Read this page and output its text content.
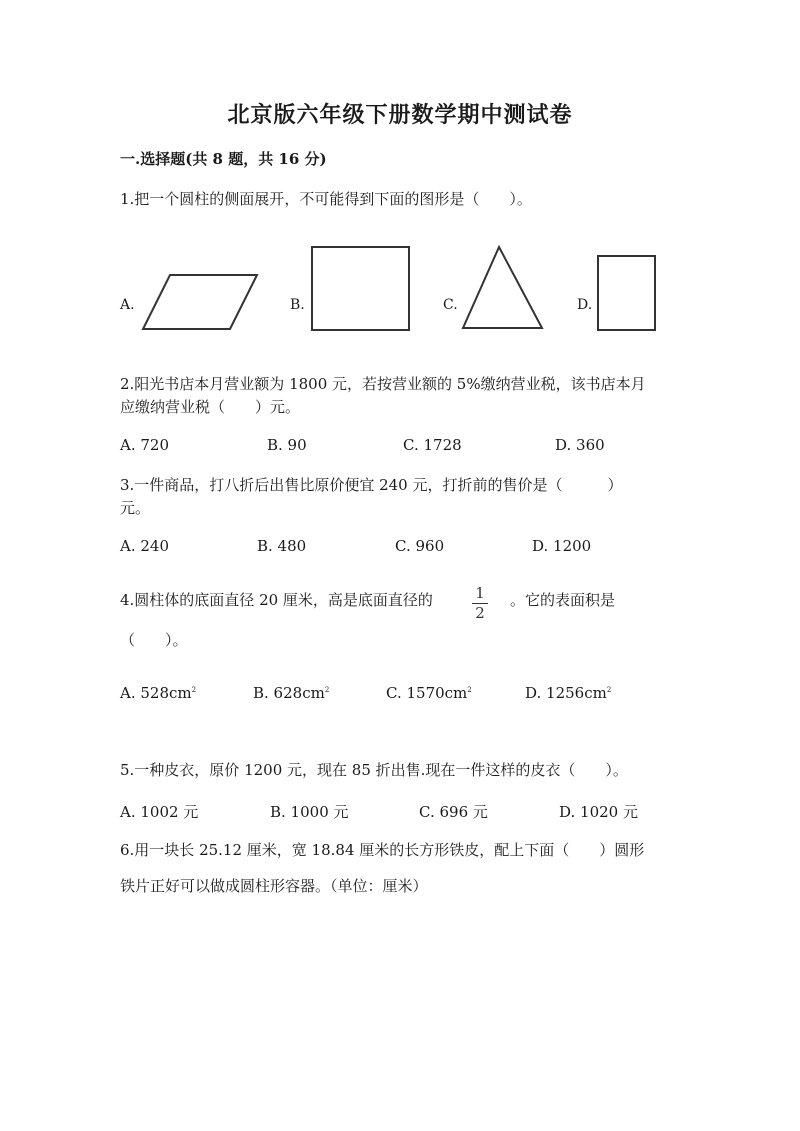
北京版六年级下册数学期中测试卷
一.选择题(共 8 题，共 16 分)
1.把一个圆柱的侧面展开，不可能得到下面的图形是（　　）。
A.	B.	C.	D.
2.阳光书店本月营业额为 1800 元，若按营业额的 5%缴纳营业税，该书店本月
应缴纳营业税（　　）元。
A. 720	B. 90	C. 1728	D. 360
3.一件商品，打八折后出售比原价便宜 240 元，打折前的售价是（　　　）
元。
A. 240	B. 480	C. 960	D. 1200
4.圆柱体的底面直径 20 厘米，高是底面直径的	1
2
。它的表面积是
（　　）。
A. $528cm^2$	B. $628cm^2$	C. $1570cm^2$	D. $1256cm^2$
5.一种皮衣，原价 1200 元，现在 85 折出售.现在一件这样的皮衣（　　）。
A. 1002 元	B. 1000 元	C. 696 元	D. 1020 元
6.用一块长 25.12 厘米，宽 18.84 厘米的长方形铁皮，配上下面（　　）圆形
铁片正好可以做成圆柱形容器。（单位：厘米）
